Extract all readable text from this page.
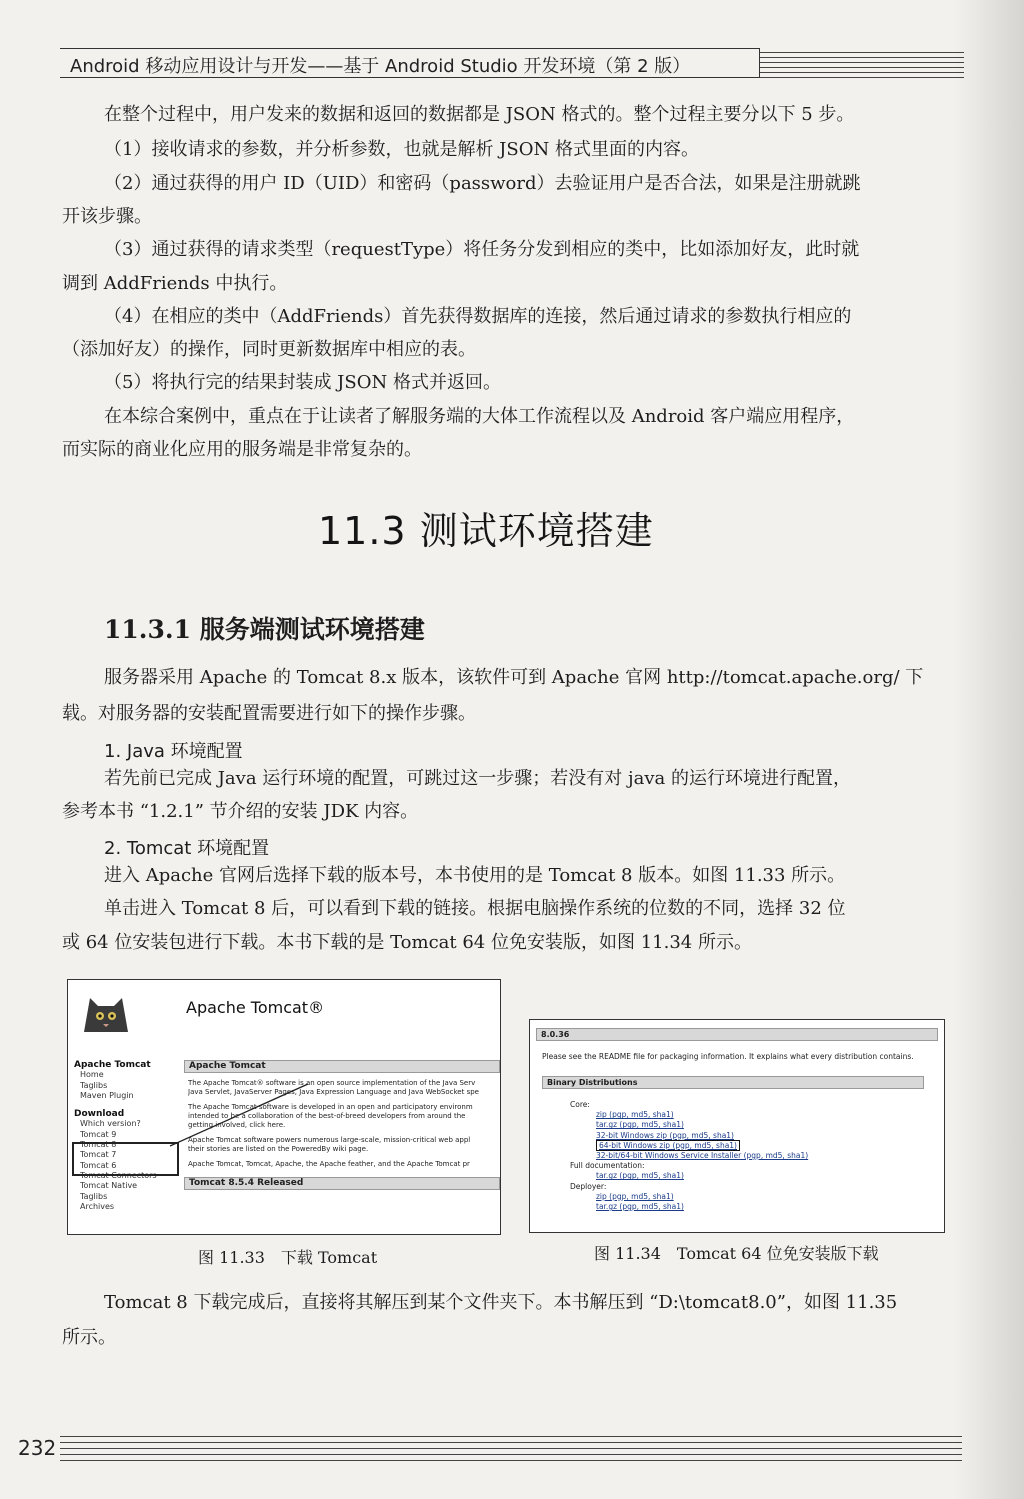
Android 移动应用设计与开发——基于 Android Studio 开发环境（第 2 版）
在整个过程中，用户发来的数据和返回的数据都是 JSON 格式的。整个过程主要分以下 5 步。
（1）接收请求的参数，并分析参数，也就是解析 JSON 格式里面的内容。
（2）通过获得的用户 ID（UID）和密码（password）去验证用户是否合法，如果是注册就跳
开该步骤。
（3）通过获得的请求类型（requestType）将任务分发到相应的类中，比如添加好友，此时就
调到 AddFriends 中执行。
（4）在相应的类中（AddFriends）首先获得数据库的连接，然后通过请求的参数执行相应的
（添加好友）的操作，同时更新数据库中相应的表。
（5）将执行完的结果封装成 JSON 格式并返回。
在本综合案例中，重点在于让读者了解服务端的大体工作流程以及 Android 客户端应用程序，
而实际的商业化应用的服务端是非常复杂的。
11.3 测试环境搭建
11.3.1 服务端测试环境搭建
服务器采用 Apache 的 Tomcat 8.x 版本，该软件可到 Apache 官网 http://tomcat.apache.org/ 下
载。对服务器的安装配置需要进行如下的操作步骤。
1. Java 环境配置
若先前已完成 Java 运行环境的配置，可跳过这一步骤；若没有对 java 的运行环境进行配置，
参考本书 “1.2.1” 节介绍的安装 JDK 内容。
2. Tomcat 环境配置
进入 Apache 官网后选择下载的版本号，本书使用的是 Tomcat 8 版本。如图 11.33 所示。
单击进入 Tomcat 8 后，可以看到下载的链接。根据电脑操作系统的位数的不同，选择 32 位
或 64 位安装包进行下载。本书下载的是 Tomcat 64 位免安装版，如图 11.34 所示。
Apache Tomcat®
Apache Tomcat
Home
Taglibs
Maven Plugin
Download
Which version?
Tomcat 9
Tomcat 8
Tomcat 7
Tomcat 6
Tomcat Connectors
Tomcat Native
Taglibs
Archives
Apache Tomcat
The Apache Tomcat® software is an open source implementation of the Java Serv
Java Servlet, JavaServer Pages, Java Expression Language and Java WebSocket spe
The Apache Tomcat software is developed in an open and participatory environm
intended to be a collaboration of the best-of-breed developers from around the
getting involved, click here.
Apache Tomcat software powers numerous large-scale, mission-critical web appl
their stories are listed on the PoweredBy wiki page.
Apache Tomcat, Tomcat, Apache, the Apache feather, and the Apache Tomcat pr
Tomcat 8.5.4 Released
8.0.36
Please see the README file for packaging information. It explains what every distribution contains.
Binary Distributions
Core:
zip (pgp, md5, sha1)
tar.gz (pgp, md5, sha1)
32-bit Windows zip (pgp, md5, sha1)
64-bit Windows zip (pgp, md5, sha1)
32-bit/64-bit Windows Service Installer (pgp, md5, sha1)
Full documentation:
tar.gz (pgp, md5, sha1)
Deployer:
zip (pgp, md5, sha1)
tar.gz (pgp, md5, sha1)
图 11.33　下载 Tomcat	图 11.34　Tomcat 64 位免安装版下载
Tomcat 8 下载完成后，直接将其解压到某个文件夹下。本书解压到 “D:\tomcat8.0”，如图 11.35
所示。
232
